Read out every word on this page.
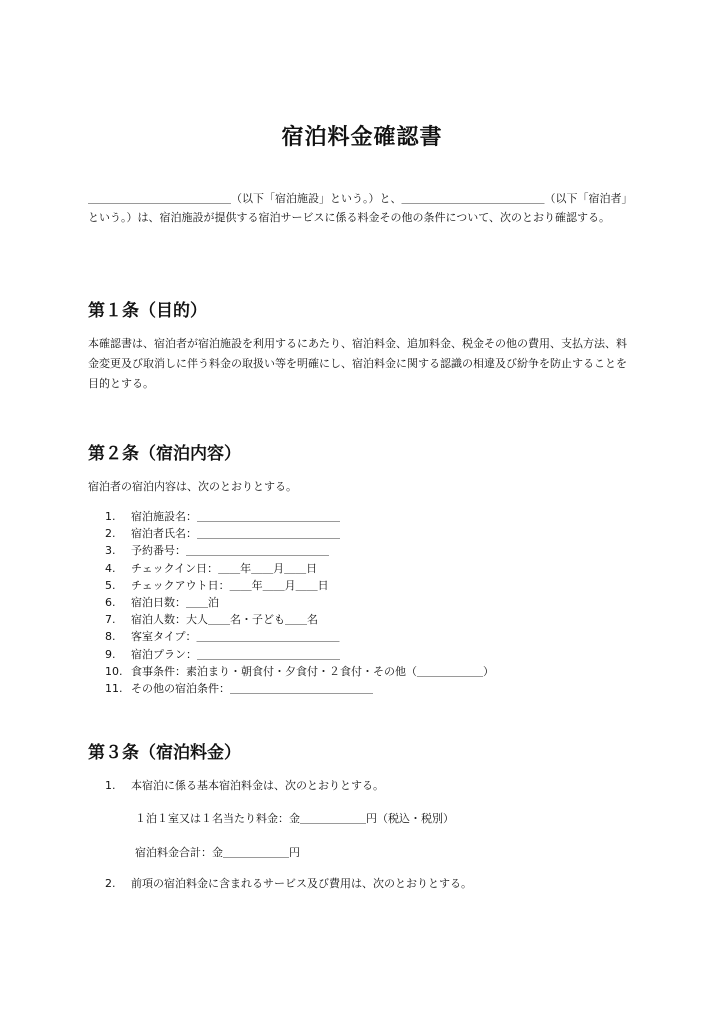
宿泊料金確認書

＿＿＿＿＿＿＿＿＿＿＿＿＿（以下「宿泊施設」という。）と、＿＿＿＿＿＿＿＿＿＿＿＿＿（以下「宿泊者」という。）は、宿泊施設が提供する宿泊サービスに係る料金その他の条件について、次のとおり確認する。

第１条（目的）

本確認書は、宿泊者が宿泊施設を利用するにあたり、宿泊料金、追加料金、税金その他の費用、支払方法、料金変更及び取消しに伴う料金の取扱い等を明確にし、宿泊料金に関する認識の相違及び紛争を防止することを目的とする。

第２条（宿泊内容）

宿泊者の宿泊内容は、次のとおりとする。

1. 宿泊施設名：＿＿＿＿＿＿＿＿＿＿＿＿＿
2. 宿泊者氏名：＿＿＿＿＿＿＿＿＿＿＿＿＿
3. 予約番号：＿＿＿＿＿＿＿＿＿＿＿＿＿
4. チェックイン日：＿＿年＿＿月＿＿日
5. チェックアウト日：＿＿年＿＿月＿＿日
6. 宿泊日数：＿＿泊
7. 宿泊人数：大人＿＿名・子ども＿＿名
8. 客室タイプ：＿＿＿＿＿＿＿＿＿＿＿＿＿
9. 宿泊プラン：＿＿＿＿＿＿＿＿＿＿＿＿＿
10. 食事条件：素泊まり・朝食付・夕食付・２食付・その他（＿＿＿＿＿＿）
11. その他の宿泊条件：＿＿＿＿＿＿＿＿＿＿＿＿＿
第３条（宿泊料金）
1. 本宿泊に係る基本宿泊料金は、次のとおりとする。

１泊１室又は１名当たり料金：金＿＿＿＿＿＿円（税込・税別）

宿泊料金合計：金＿＿＿＿＿＿円

2. 前項の宿泊料金に含まれるサービス及び費用は、次のとおりとする。
